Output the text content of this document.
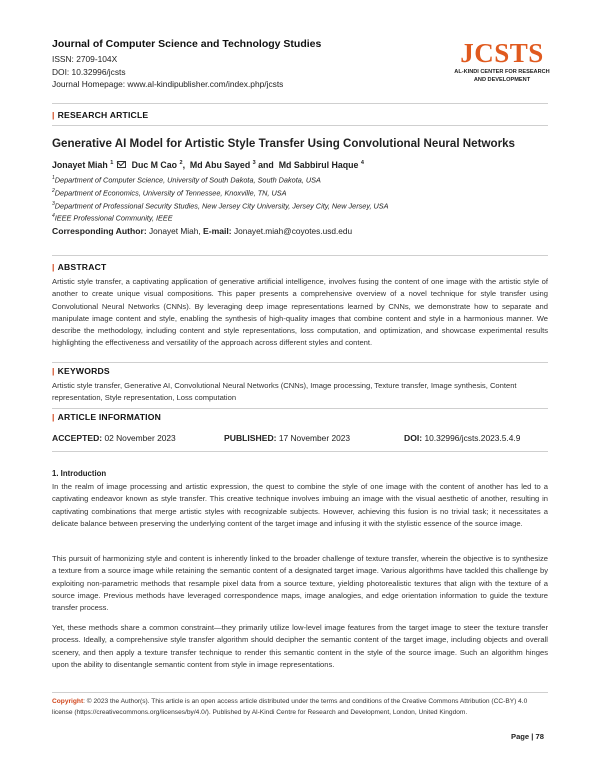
Journal of Computer Science and Technology Studies
ISSN: 2709-104X
DOI: 10.32996/jcsts
Journal Homepage: www.al-kindipublisher.com/index.php/jcsts
JCSTS
AL-KINDI CENTER FOR RESEARCH
AND DEVELOPMENT
| RESEARCH ARTICLE
Generative AI Model for Artistic Style Transfer Using Convolutional Neural Networks
Jonayet Miah $^1$ Duc M Cao $^2$,  Md Abu Sayed $^3$ and  Md Sabbirul Haque $^4$
$^1$Department of Computer Science, University of South Dakota, South Dakota, USA
$^2$Department of Economics, University of Tennessee, Knoxville, TN, USA
$^3$Department of Professional Security Studies, New Jersey City University, Jersey City, New Jersey, USA
$^4$IEEE Professional Community, IEEE
Corresponding Author: Jonayet Miah, E-mail: Jonayet.miah@coyotes.usd.edu
| ABSTRACT

Artistic style transfer, a captivating application of generative artificial intelligence, involves fusing the content of one image with the artistic style of another to create unique visual compositions. This paper presents a comprehensive overview of a novel technique for style transfer using Convolutional Neural Networks (CNNs). By leveraging deep image representations learned by CNNs, we demonstrate how to separate and manipulate image content and style, enabling the synthesis of high-quality images that combine content and style in a harmonious manner. We describe the methodology, including content and style representations, loss computation, and optimization, and showcase experimental results highlighting the effectiveness and versatility of the approach across different styles and content.

| KEYWORDS

Artistic style transfer, Generative AI, Convolutional Neural Networks (CNNs), Image processing, Texture transfer, Image synthesis, Content representation, Style representation, Loss computation

| ARTICLE INFORMATION
ACCEPTED: 02 November 2023	PUBLISHED: 17 November 2023	DOI: 10.32996/jcsts.2023.5.4.9
1. Introduction

In the realm of image processing and artistic expression, the quest to combine the style of one image with the content of another has led to a captivating endeavor known as style transfer. This creative technique involves imbuing an image with the visual aesthetic of another, resulting in captivating combinations that merge artistic styles with recognizable subjects. However, achieving this fusion is no trivial task; it necessitates a delicate balance between preserving the underlying content of the target image and infusing it with the stylistic essence of the source image.

This pursuit of harmonizing style and content is inherently linked to the broader challenge of texture transfer, wherein the objective is to synthesize a texture from a source image while retaining the semantic content of a designated target image. Various algorithms have tackled this challenge by exploiting non-parametric methods that resample pixel data from a source texture, yielding photorealistic textures that align with the texture of a source image. Previous methods have leveraged correspondence maps, image analogies, and edge orientation information to guide the texture transfer process.

Yet, these methods share a common constraint—they primarily utilize low-level image features from the target image to steer the texture transfer process. Ideally, a comprehensive style transfer algorithm should decipher the semantic content of the target image, including objects and overall scenery, and then apply a texture transfer technique to render this semantic content in the style of the source image. Such an algorithm hinges upon the ability to disentangle semantic content from style in image representations.

Copyright: © 2023 the Author(s). This article is an open access article distributed under the terms and conditions of the Creative Commons Attribution (CC-BY) 4.0 license (https://creativecommons.org/licenses/by/4.0/). Published by Al-Kindi Centre for Research and Development, London, United Kingdom.

Page | 78
